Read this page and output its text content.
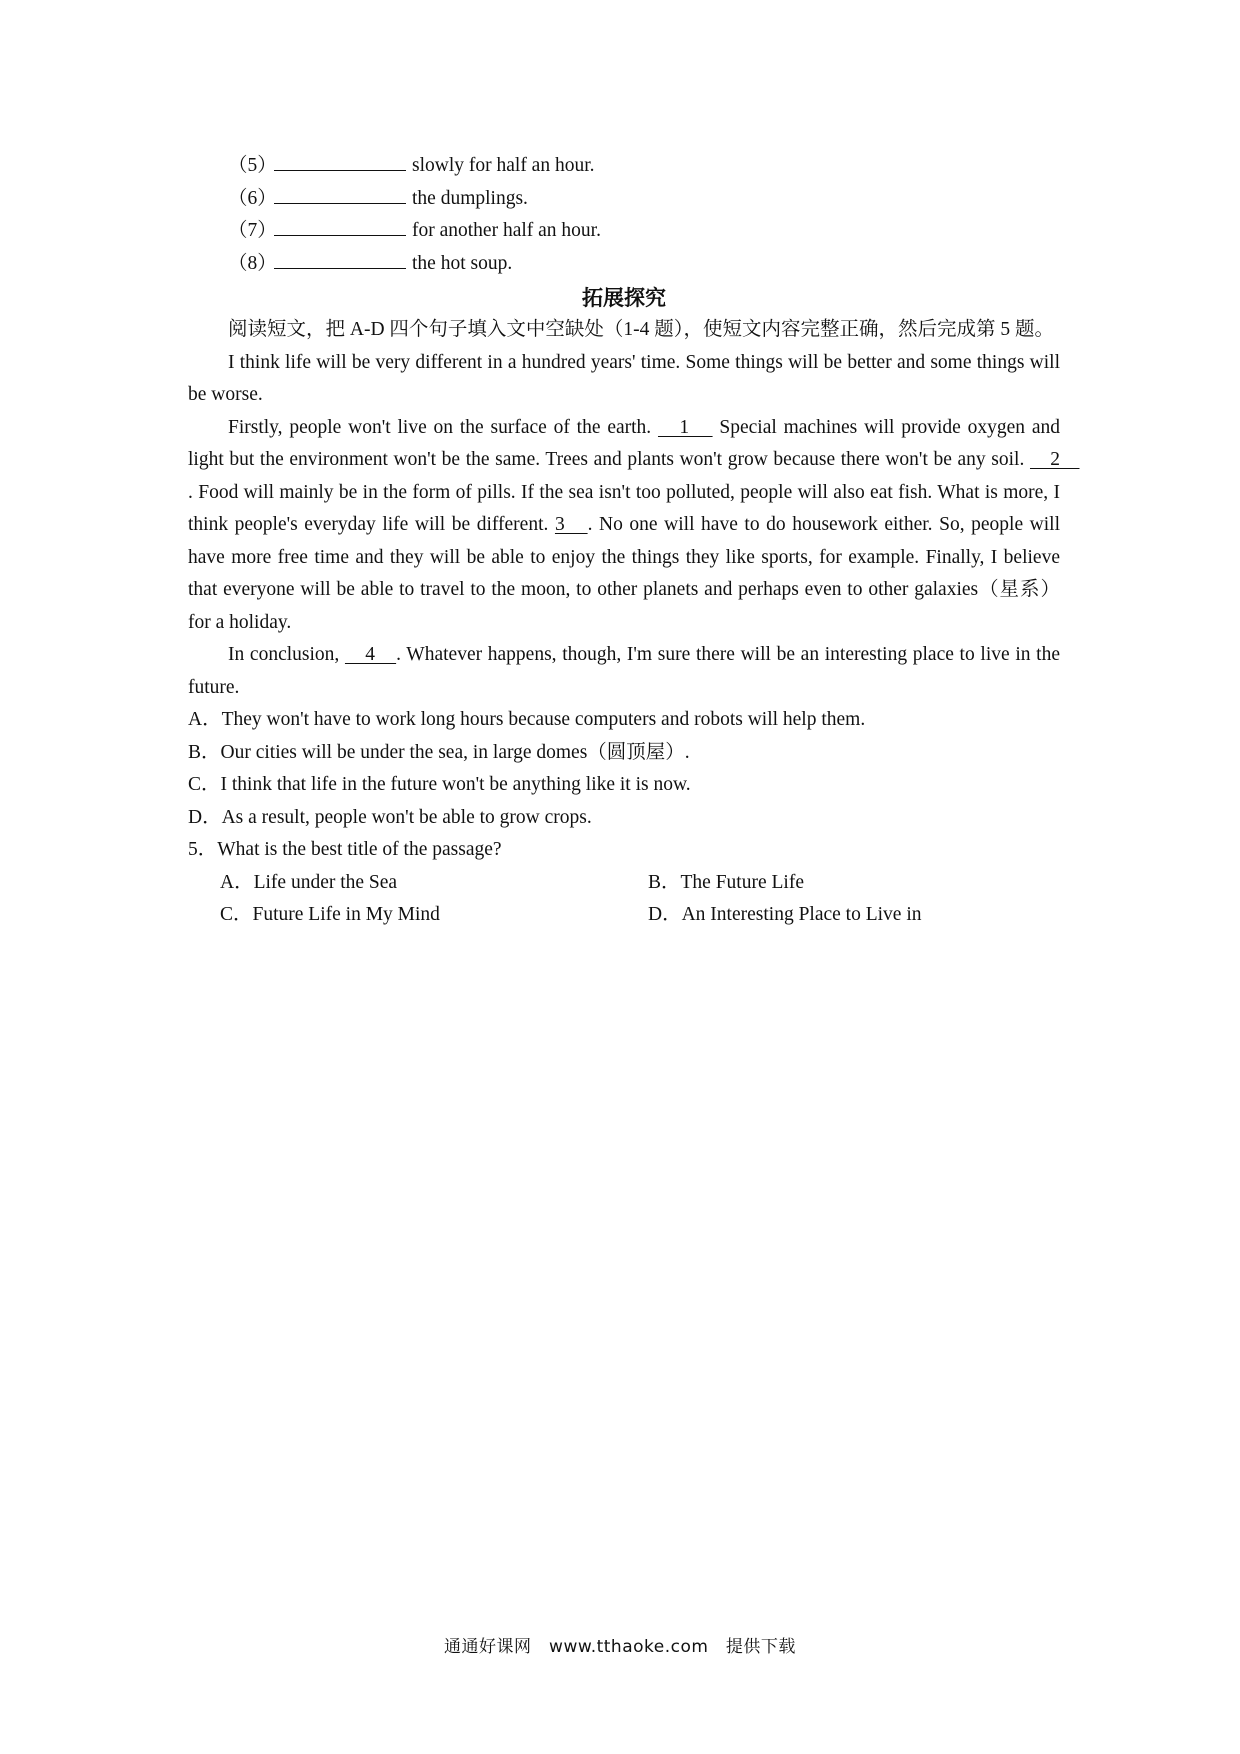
（5）	slowly for half an hour.
（6）	the dumplings.
（7）	for another half an hour.
（8）	the hot soup.
拓展探究
阅读短文，把 A-D 四个句子填入文中空缺处（1-4 题），使短文内容完整正确，然后完成第 5 题。
I think life will be very different in a hundred years' time. Some things will be better and some things will be worse.
Firstly, people won't live on the surface of the earth. 　1　 Special machines will provide oxygen and light but the environment won't be the same. Trees and plants won't grow because there won't be any soil. 　2　. Food will mainly be in the form of pills. If the sea isn't too polluted, people will also eat fish. What is more, I think people's everyday life will be different. 3　. No one will have to do housework either. So, people will have more free time and they will be able to enjoy the things they like sports, for example. Finally, I believe that everyone will be able to travel to the moon, to other planets and perhaps even to other galaxies（星系）for a holiday.
In conclusion, 　4　. Whatever happens, though, I'm sure there will be an interesting place to live in the future.
A．They won't have to work long hours because computers and robots will help them.
B．Our cities will be under the sea, in large domes（圆顶屋）.
C．I think that life in the future won't be anything like it is now.
D．As a result, people won't be able to grow crops.
5．What is the best title of the passage?
A．Life under the Sea	B．The Future Life
C．Future Life in My Mind	D．An Interesting Place to Live in
通通好课网　www.tthaoke.com　提供下载
